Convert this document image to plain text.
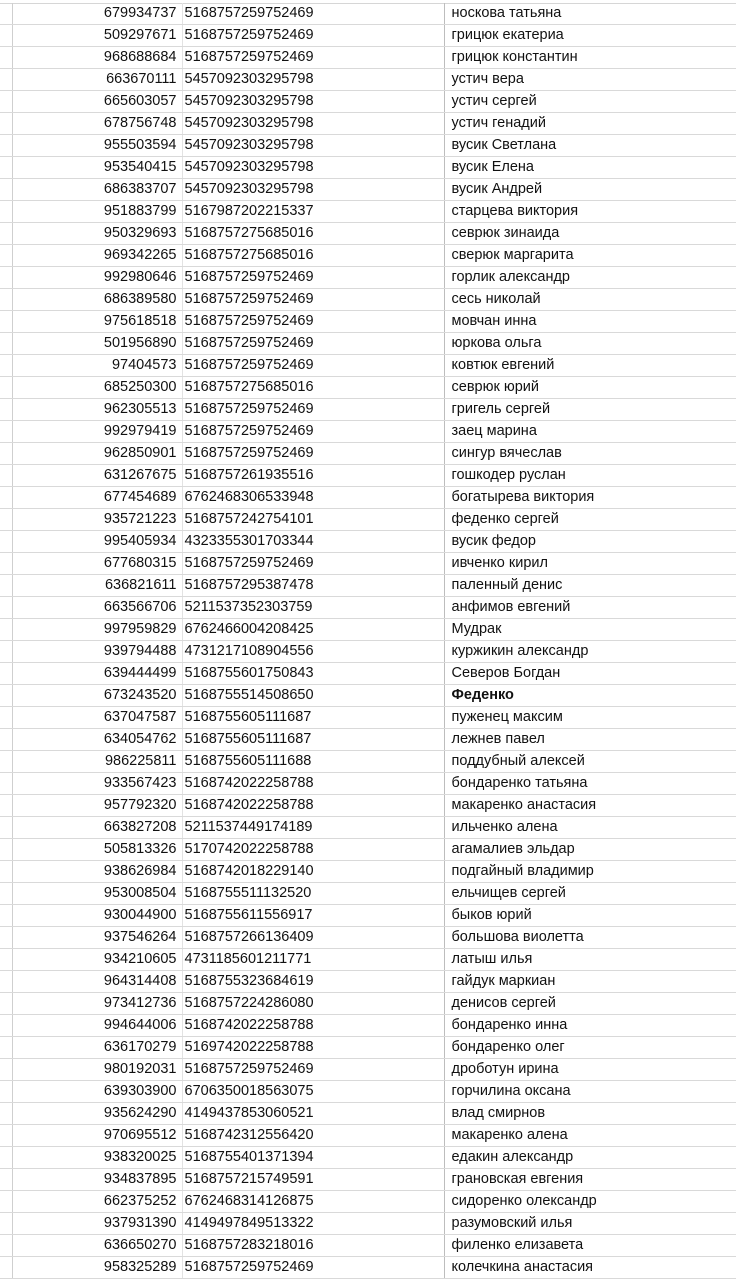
	679934737	5168757259752469	носкова татьяна
	509297671	5168757259752469	грицюк екатериа
	968688684	5168757259752469	грицюк константин
	663670111	5457092303295798	устич вера
	665603057	5457092303295798	устич сергей
	678756748	5457092303295798	устич генадий
	955503594	5457092303295798	вусик Светлана
	953540415	5457092303295798	вусик Елена
	686383707	5457092303295798	вусик Андрей
	951883799	5167987202215337	старцева виктория
	950329693	5168757275685016	севрюк зинаида
	969342265	5168757275685016	сверюк маргарита
	992980646	5168757259752469	горлик александр
	686389580	5168757259752469	сесь николай
	975618518	5168757259752469	мовчан инна
	501956890	5168757259752469	юркова ольга
	97404573	5168757259752469	ковтюк евгений
	685250300	5168757275685016	севрюк юрий
	962305513	5168757259752469	григель сергей
	992979419	5168757259752469	заец марина
	962850901	5168757259752469	сингур вячеслав
	631267675	5168757261935516	гошкодер руслан
	677454689	6762468306533948	богатырева виктория
	935721223	5168757242754101	феденко сергей
	995405934	4323355301703344	вусик федор
	677680315	5168757259752469	ивченко кирил
	636821611	5168757295387478	паленный денис
	663566706	5211537352303759	анфимов евгений
	997959829	6762466004208425	Мудрак
	939794488	4731217108904556	куржикин александр
	639444499	5168755601750843	Северов Богдан
	673243520	5168755514508650	Феденко
	637047587	5168755605111687	пуженец максим
	634054762	5168755605111687	лежнев павел
	986225811	5168755605111688	поддубный алексей
	933567423	5168742022258788	бондаренко татьяна
	957792320	5168742022258788	макаренко анастасия
	663827208	5211537449174189	ильченко алена
	505813326	5170742022258788	агамалиев эльдар
	938626984	5168742018229140	подгайный владимир
	953008504	5168755511132520	ельчищев сергей
	930044900	5168755611556917	быков юрий
	937546264	5168757266136409	большова виолетта
	934210605	4731185601211771	латыш илья
	964314408	5168755323684619	гайдук маркиан
	973412736	5168757224286080	денисов сергей
	994644006	5168742022258788	бондаренко инна
	636170279	5169742022258788	бондаренко олег
	980192031	5168757259752469	дроботун ирина
	639303900	6706350018563075	горчилина оксана
	935624290	4149437853060521	влад смирнов
	970695512	5168742312556420	макаренко алена
	938320025	5168755401371394	едакин александр
	934837895	5168757215749591	грановская евгения
	662375252	6762468314126875	сидоренко олександр
	937931390	4149497849513322	разумовский илья
	636650270	5168757283218016	филенко елизавета
	958325289	5168757259752469	колечкина анастасия
